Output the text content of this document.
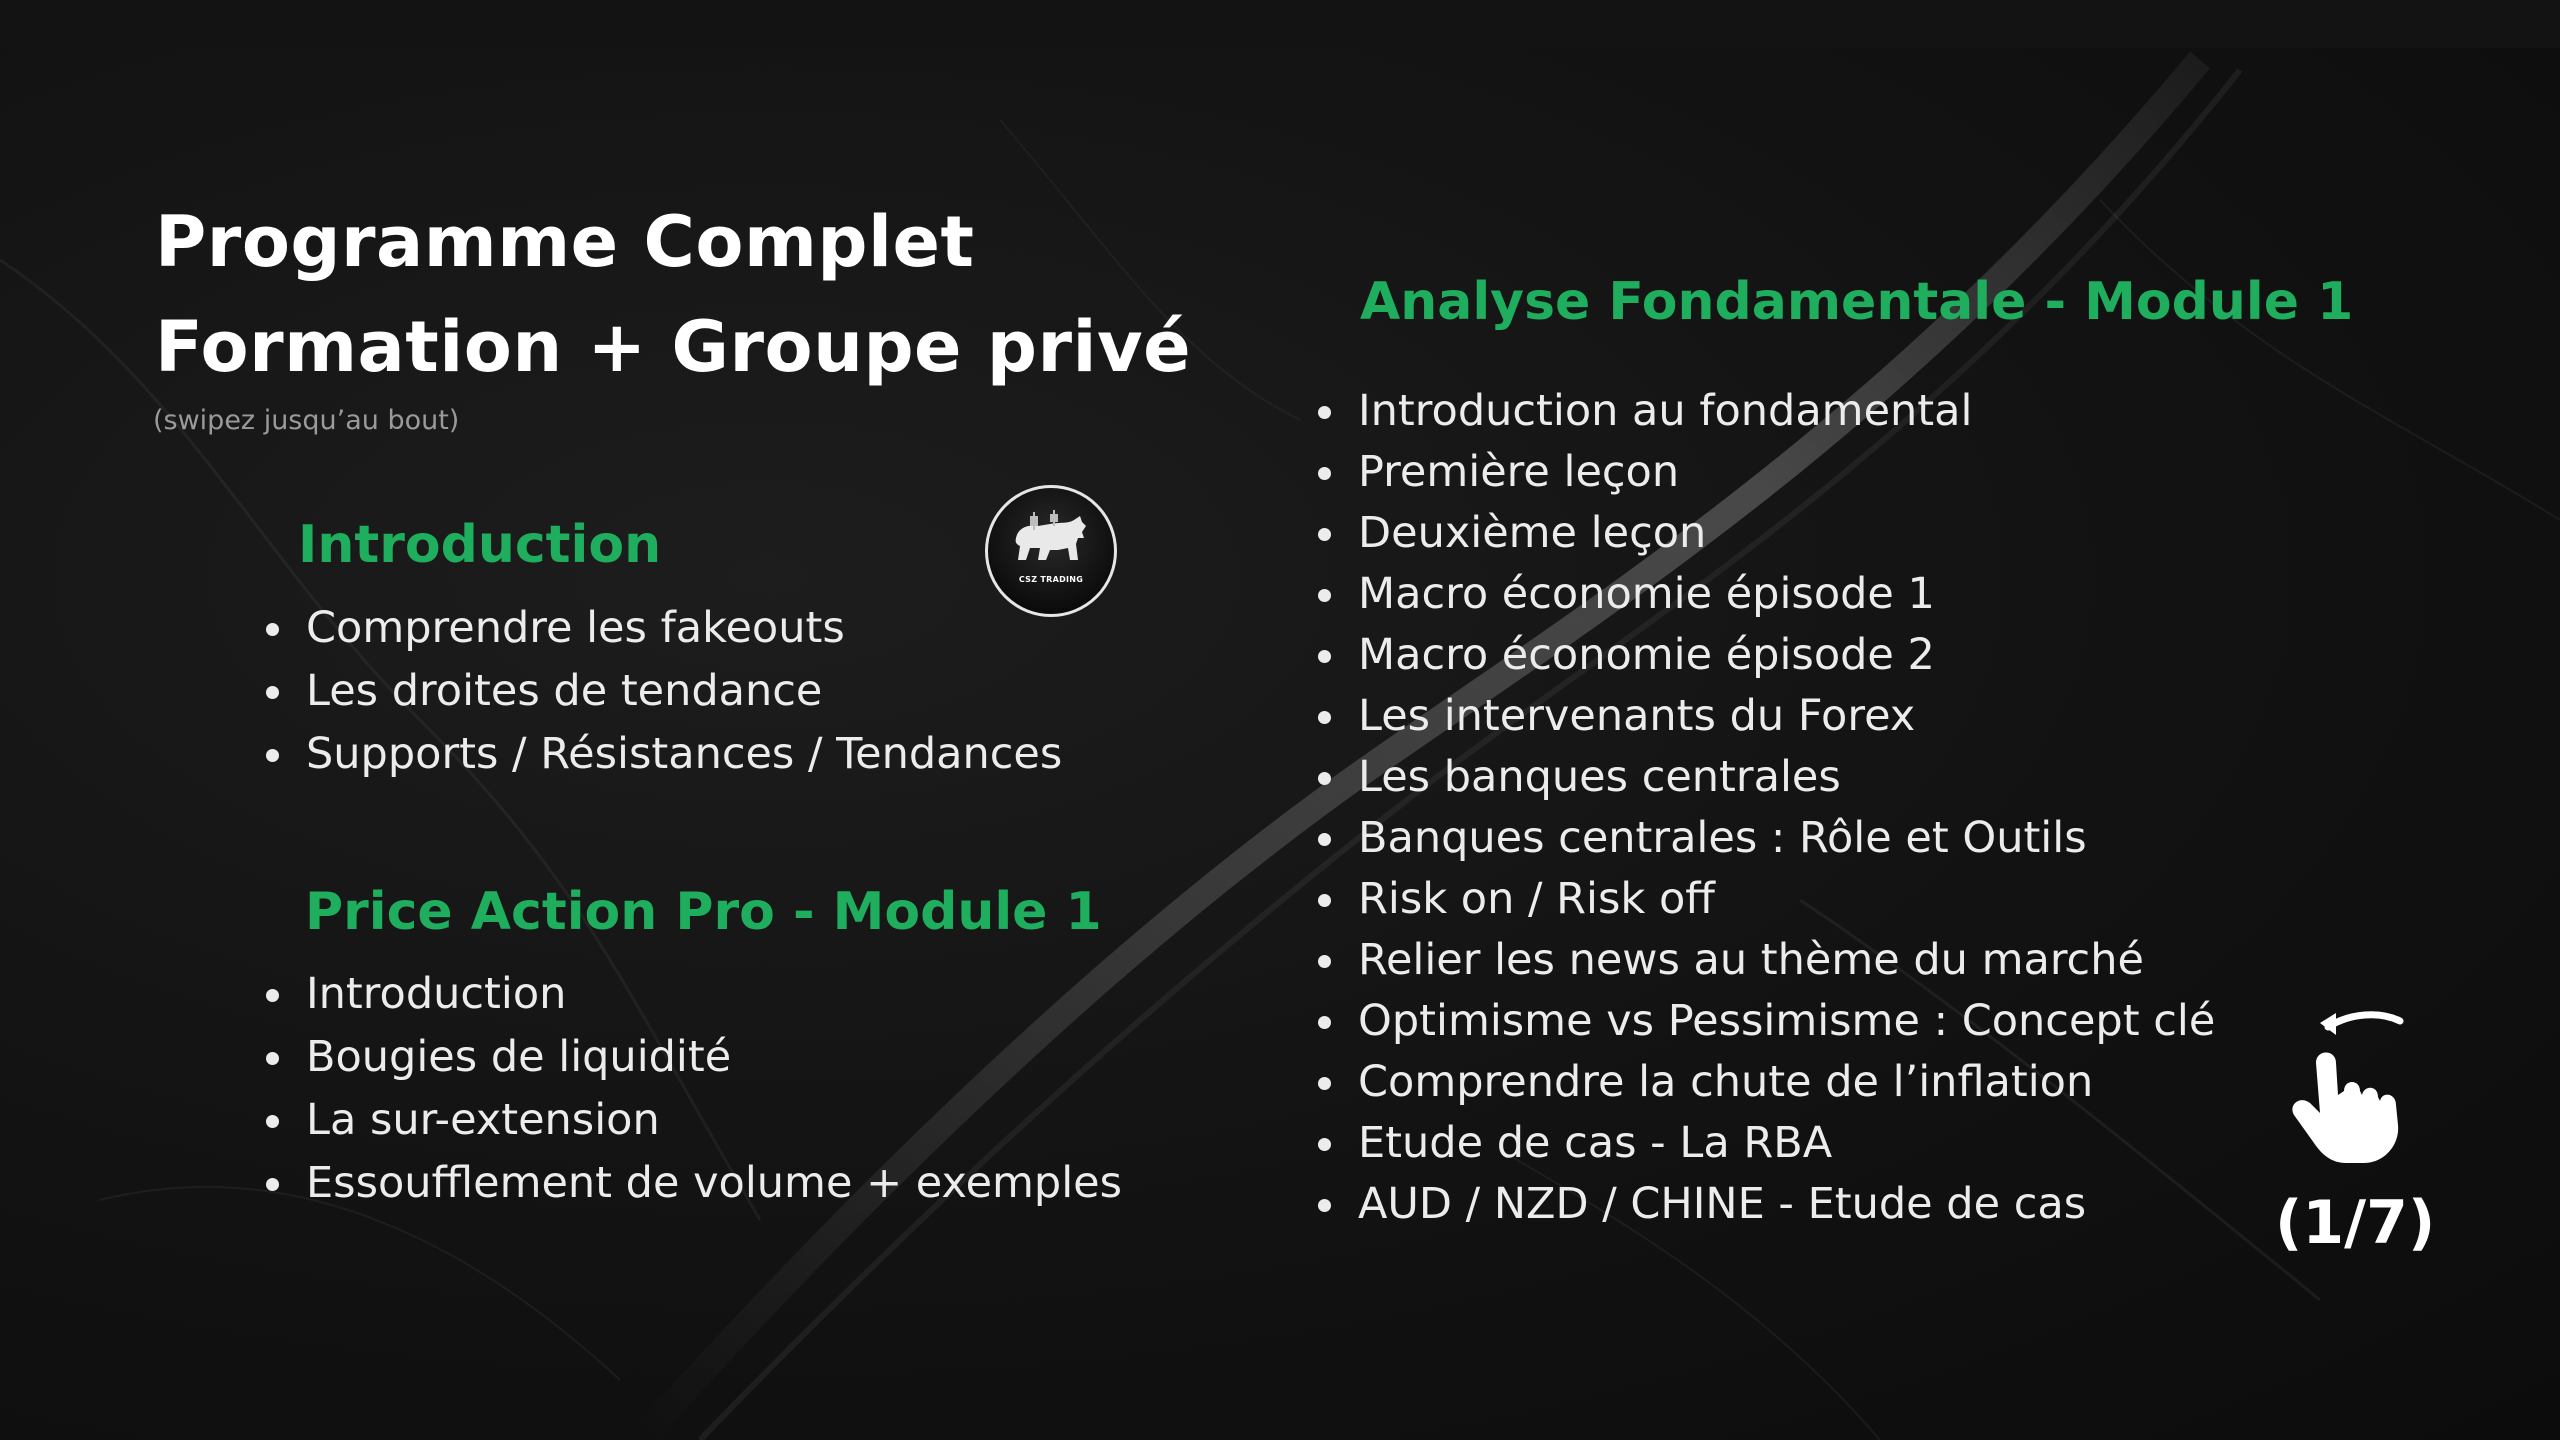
Programme Complet
Formation + Groupe privé
(swipez jusqu’au bout)
CSZ TRADING
Introduction
Comprendre les fakeouts
Les droites de tendance
Supports / Résistances / Tendances
Price Action Pro - Module 1
Introduction
Bougies de liquidité
La sur-extension
Essoufflement de volume + exemples
Analyse Fondamentale - Module 1
Introduction au fondamental
Première leçon
Deuxième leçon
Macro économie épisode 1
Macro économie épisode 2
Les intervenants du Forex
Les banques centrales
Banques centrales : Rôle et Outils
Risk on / Risk off
Relier les news au thème du marché
Optimisme vs Pessimisme : Concept clé
Comprendre la chute de l’inflation
Etude de cas - La RBA
AUD / NZD / CHINE - Etude de cas	(1/7)
